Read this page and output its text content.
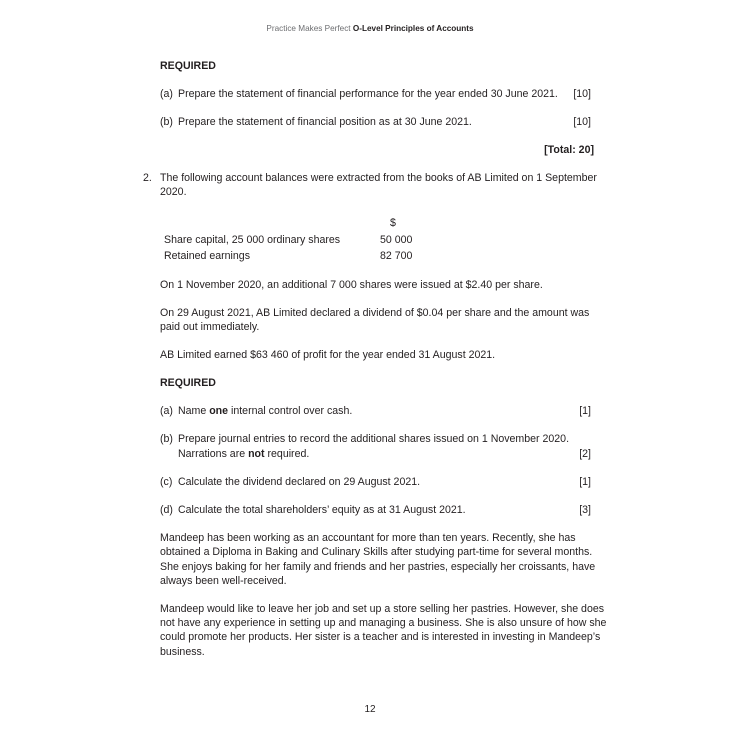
Practice Makes Perfect O-Level Principles of Accounts
REQUIRED
(a) Prepare the statement of financial performance for the year ended 30 June 2021.	[10]
(b) Prepare the statement of financial position as at 30 June 2021.	[10]
[Total: 20]
2. The following account balances were extracted from the books of AB Limited on 1 September
2020.
$
Share capital, 25 000 ordinary shares	50 000
Retained earnings	82 700
On 1 November 2020, an additional 7 000 shares were issued at $2.40 per share.
On 29 August 2021, AB Limited declared a dividend of $0.04 per share and the amount was
paid out immediately.
AB Limited earned $63 460 of profit for the year ended 31 August 2021.
REQUIRED
(a) Name one internal control over cash.	[1]
(b) Prepare journal entries to record the additional shares issued on 1 November 2020.
Narrations are not required.	[2]
(c) Calculate the dividend declared on 29 August 2021.	[1]
(d) Calculate the total shareholders’ equity as at 31 August 2021.	[3]
Mandeep has been working as an accountant for more than ten years. Recently, she has
obtained a Diploma in Baking and Culinary Skills after studying part-time for several months.
She enjoys baking for her family and friends and her pastries, especially her croissants, have
always been well-received.
Mandeep would like to leave her job and set up a store selling her pastries. However, she does
not have any experience in setting up and managing a business. She is also unsure of how she
could promote her products. Her sister is a teacher and is interested in investing in Mandeep’s
business.
12
